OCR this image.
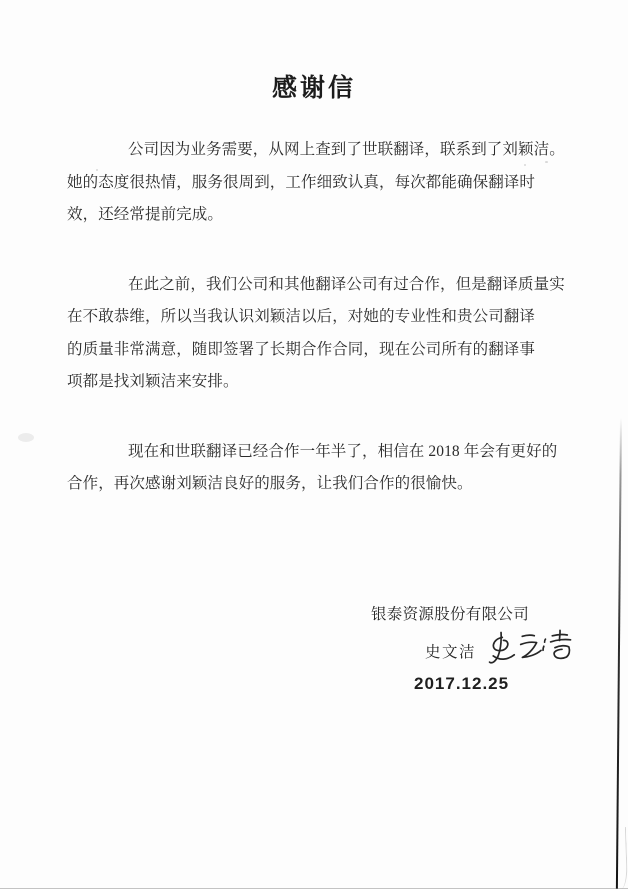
感谢信
公司因为业务需要，从网上查到了世联翻译，联系到了刘颖洁。
她的态度很热情，服务很周到，工作细致认真，每次都能确保翻译时
效，还经常提前完成。
在此之前，我们公司和其他翻译公司有过合作，但是翻译质量实
在不敢恭维，所以当我认识刘颖洁以后，对她的专业性和贵公司翻译
的质量非常满意，随即签署了长期合作合同，现在公司所有的翻译事
项都是找刘颖洁来安排。
现在和世联翻译已经合作一年半了，相信在 2018 年会有更好的
合作，再次感谢刘颖洁良好的服务，让我们合作的很愉快。
银泰资源股份有限公司
史文洁
2017.12.25
